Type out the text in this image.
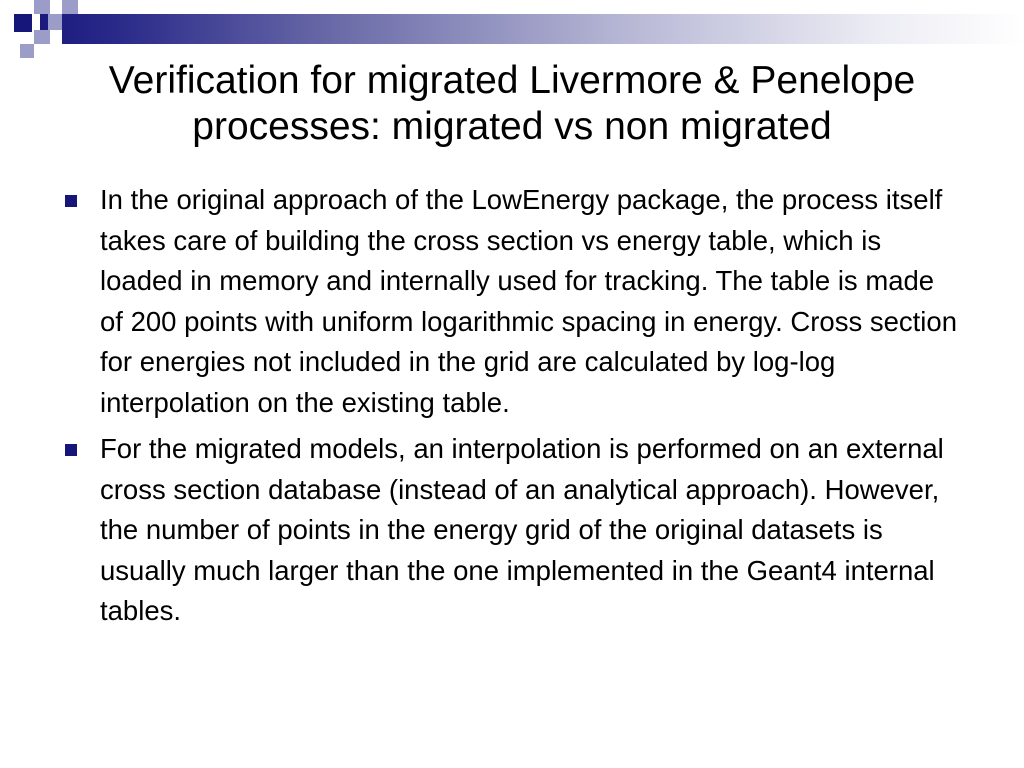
Verification for migrated Livermore & Penelope
processes: migrated vs non migrated
In the original approach of the LowEnergy package, the process itself takes care of building the cross section vs energy table, which is loaded in memory and internally used for tracking. The table is made of 200 points with uniform logarithmic spacing in energy. Cross section for energies not included in the grid are calculated by log-log interpolation on the existing table.
For the migrated models, an interpolation is performed on an external cross section database (instead of an analytical approach). However, the number of points in the energy grid of the original datasets is usually much larger than the one implemented in the Geant4 internal tables.
